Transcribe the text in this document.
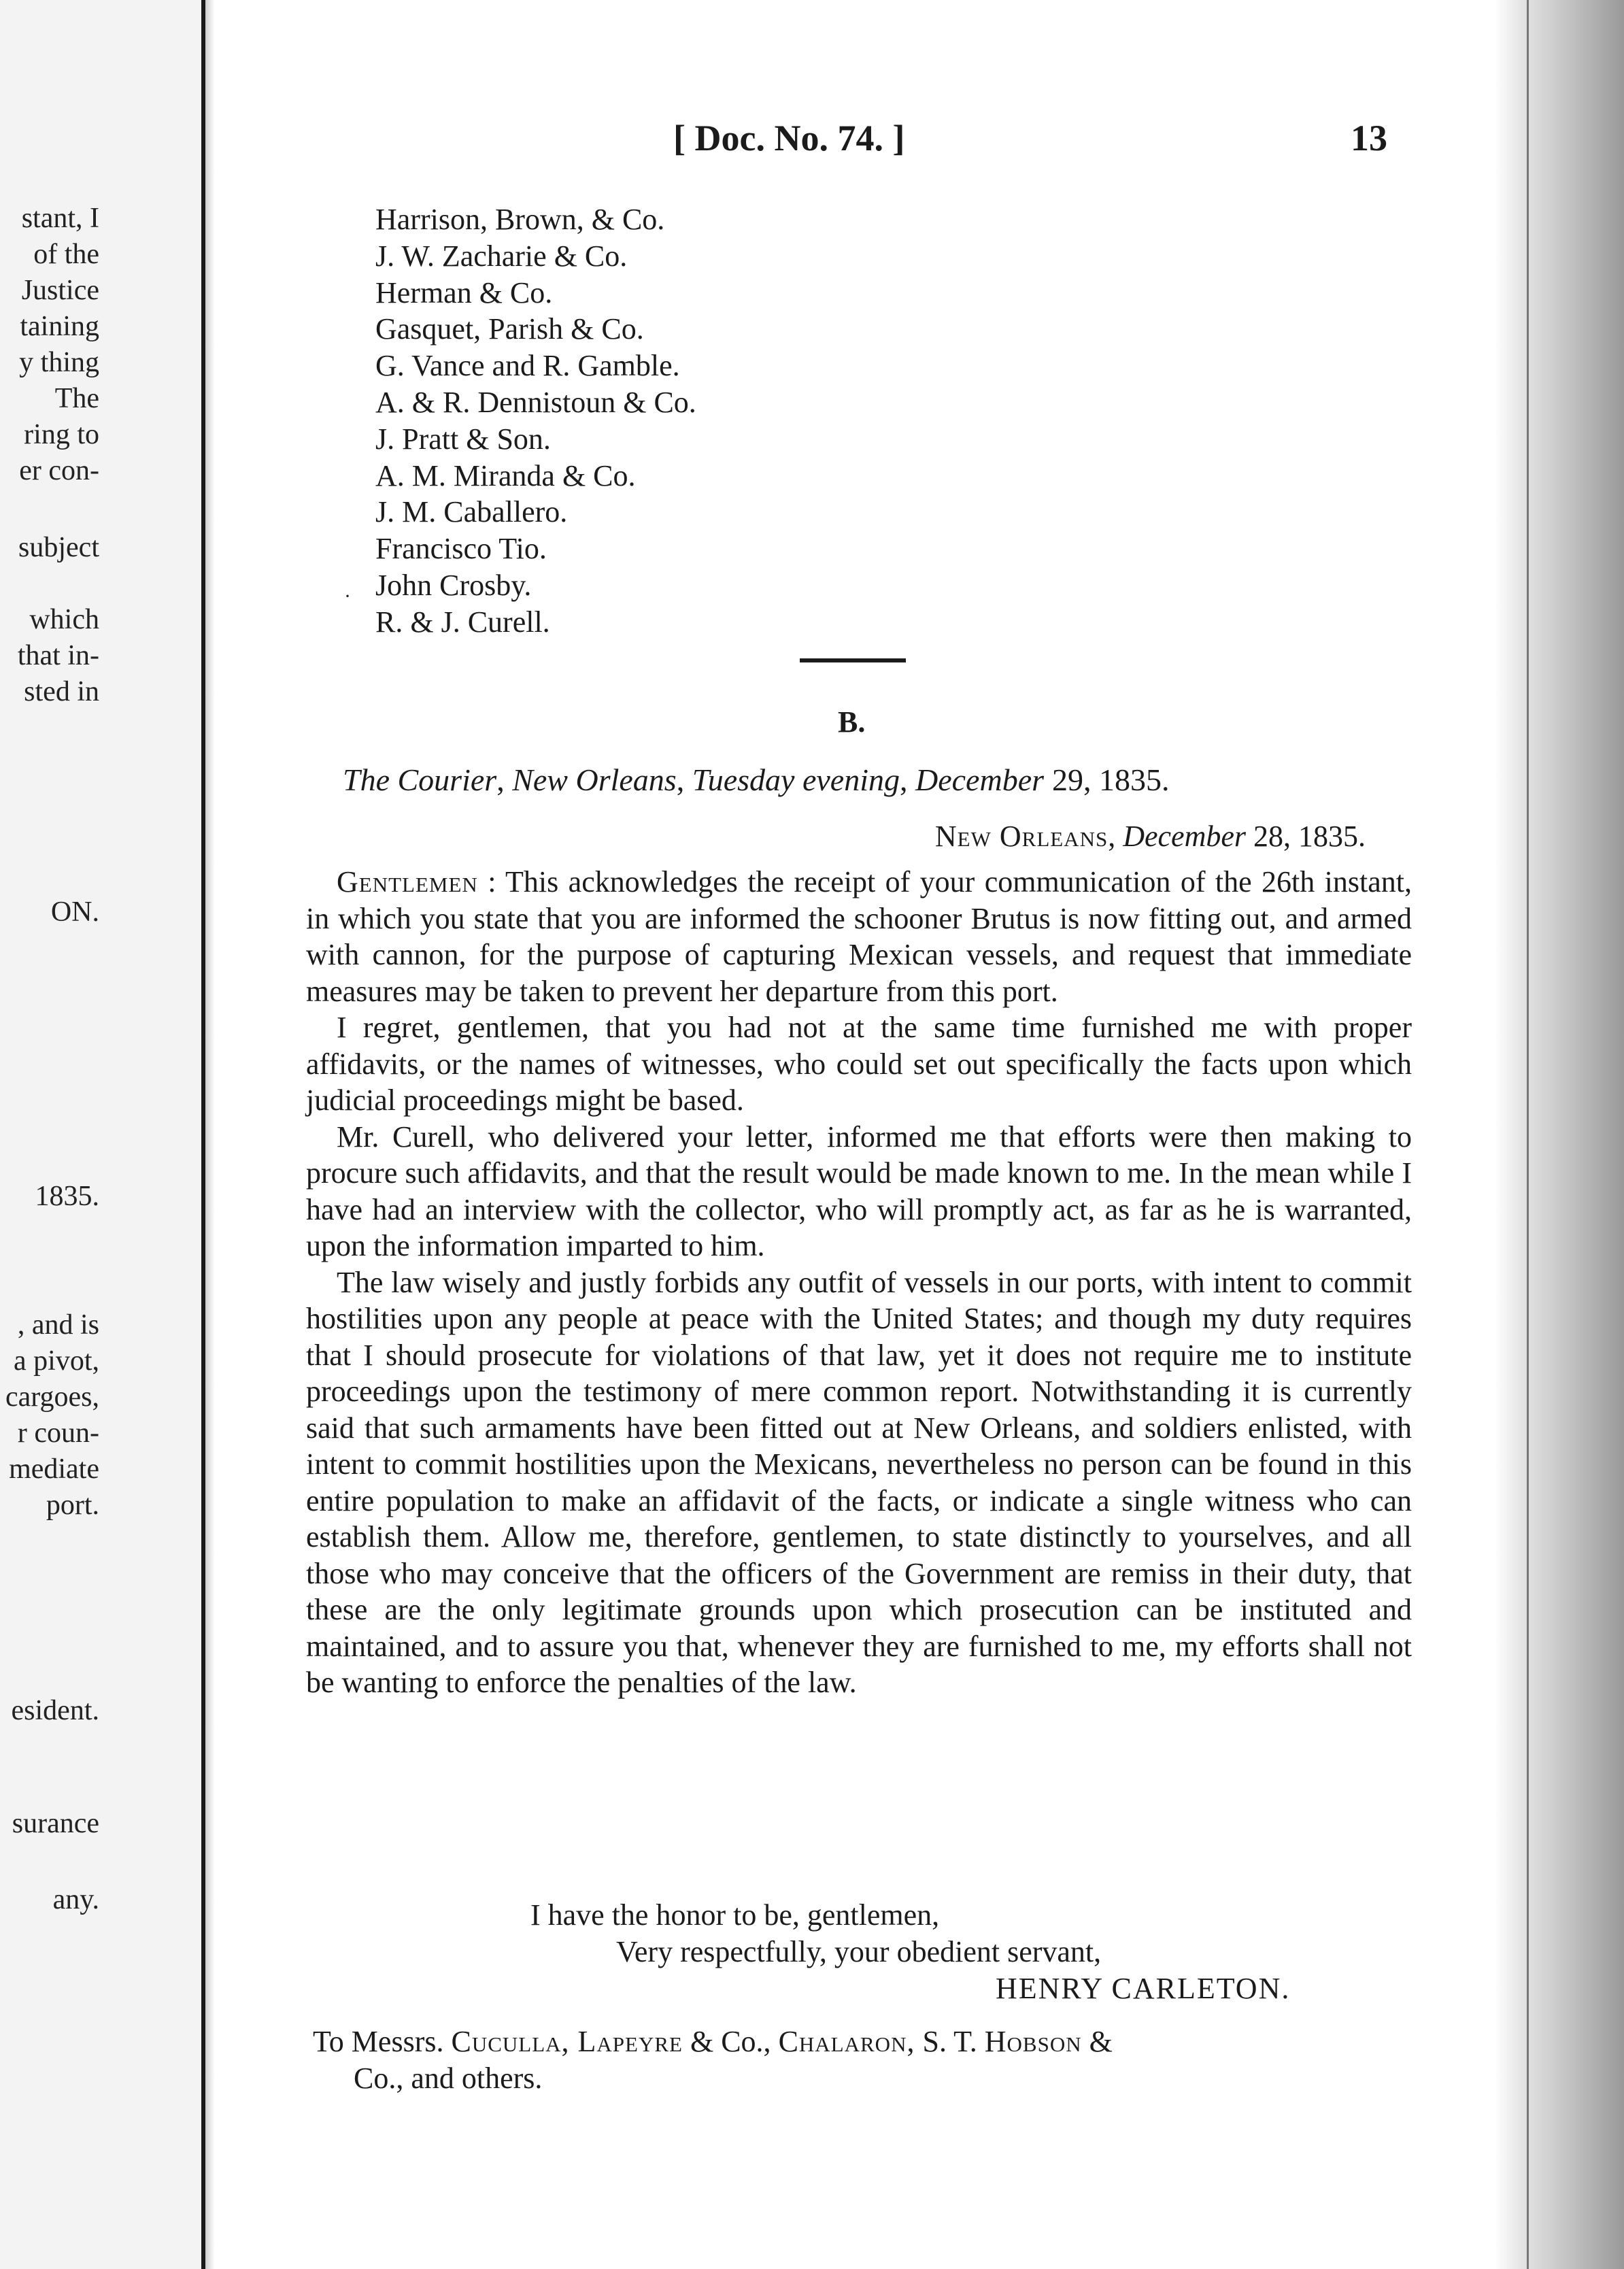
stant, I
of the
Justice
taining
y thing
The
ring to
er con-
subject
which
that in-
sted in
ON.
1835.
, and is
a pivot,
cargoes,
r coun-
mediate
port.
esident.
surance
any.
[ Doc. No. 74. ]	13
Harrison, Brown, & Co.
J. W. Zacharie & Co.
Herman & Co.
Gasquet, Parish & Co.
G. Vance and R. Gamble.
A. & R. Dennistoun & Co.
J. Pratt & Son.
A. M. Miranda & Co.
J. M. Caballero.
Francisco Tio.
John Crosby.
R. & J. Curell.
·
B.
The Courier, New Orleans, Tuesday evening, December 29, 1835.
New Orleans, December 28, 1835.

Gentlemen : This acknowledges the receipt of your communication of the 26th instant, in which you state that you are informed the schooner Brutus is now fitting out, and armed with cannon, for the purpose of capturing Mexican vessels, and request that immediate measures may be taken to prevent her departure from this port.

I regret, gentlemen, that you had not at the same time furnished me with proper affidavits, or the names of witnesses, who could set out specifically the facts upon which judicial proceedings might be based.

Mr. Curell, who delivered your letter, informed me that efforts were then making to procure such affidavits, and that the result would be made known to me. In the mean while I have had an interview with the collector, who will promptly act, as far as he is warranted, upon the information imparted to him.

The law wisely and justly forbids any outfit of vessels in our ports, with intent to commit hostilities upon any people at peace with the United States; and though my duty requires that I should prosecute for violations of that law, yet it does not require me to institute proceedings upon the testimony of mere common report. Notwithstanding it is currently said that such armaments have been fitted out at New Orleans, and soldiers enlisted, with intent to commit hostilities upon the Mexicans, nevertheless no person can be found in this entire population to make an affidavit of the facts, or indicate a single witness who can establish them. Allow me, therefore, gentlemen, to state distinctly to yourselves, and all those who may conceive that the officers of the Government are remiss in their duty, that these are the only legitimate grounds upon which prosecution can be instituted and maintained, and to assure you that, whenever they are furnished to me, my efforts shall not be wanting to enforce the penalties of the law.

I have the honor to be, gentlemen,
Very respectfully, your obedient servant,
HENRY CARLETON.
To Messrs. Cuculla, Lapeyre & Co., Chalaron, S. T. Hobson &
Co., and others.
